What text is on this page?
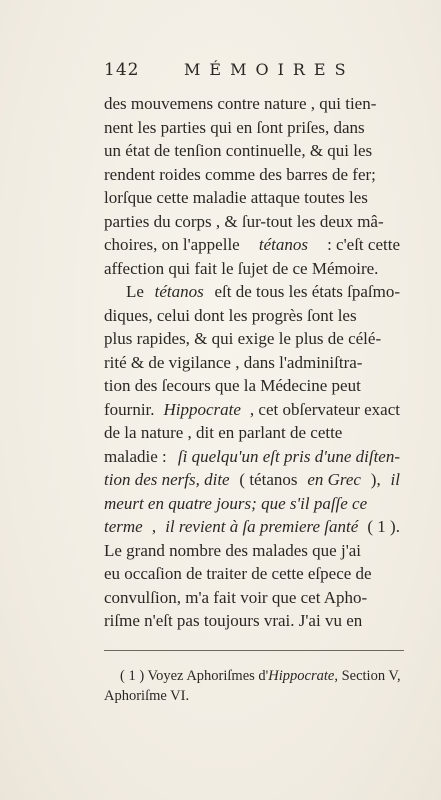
142	MÉMOIRES
des mouvemens contre nature , qui tien-
nent les parties qui en ſont priſes, dans
un état de tenſion continuelle, & qui les
rendent roides comme des barres de fer;
lorſque cette maladie attaque toutes les
parties du corps , & ſur-tout les deux mâ-
choires, on l'appelle tétanos : c'eſt cette
affection qui fait le ſujet de ce Mémoire.
Le tétanos eſt de tous les états ſpaſmo-
diques, celui dont les progrès ſont les
plus rapides, & qui exige le plus de célé-
rité & de vigilance , dans l'adminiſtra-
tion des ſecours que la Médecine peut
fournir. Hippocrate , cet obſervateur exact
de la nature , dit en parlant de cette
maladie : ſi quelqu'un eſt pris d'une diſten-
tion des nerfs, dite ( tétanos en Grec ), il
meurt en quatre jours; que s'il paſſe ce
terme , il revient à ſa premiere ſanté ( 1 ).
Le grand nombre des malades que j'ai
eu occaſion de traiter de cette eſpece de
convulſion, m'a fait voir que cet Apho-
riſme n'eſt pas toujours vrai. J'ai vu en
( 1 ) Voyez Aphoriſmes d' Hippocrate , Section V,
Aphoriſme VI.
